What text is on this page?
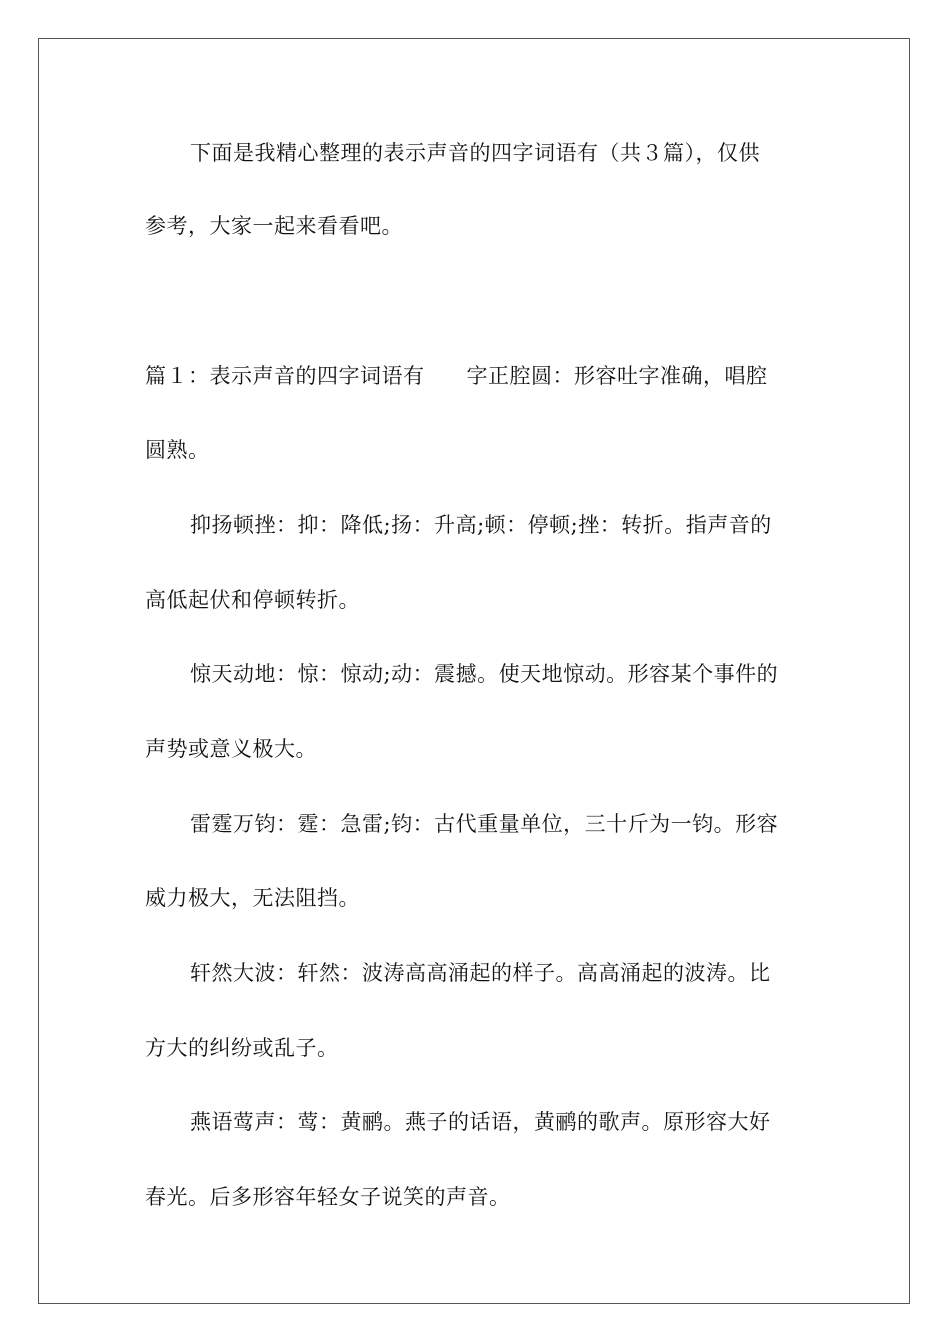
下面是我精心整理的表示声音的四字词语有（共３篇），仅供
参考，大家一起来看看吧。
篇１：表示声音的四字词语有 字正腔圆：形容吐字准确，唱腔
圆熟。
抑扬顿挫：抑：降低;扬：升高;顿：停顿;挫：转折。指声音的
高低起伏和停顿转折。
惊天动地：惊：惊动;动：震撼。使天地惊动。形容某个事件的
声势或意义极大。
雷霆万钧：霆：急雷;钧：古代重量单位，三十斤为一钧。形容
威力极大，无法阻挡。
轩然大波：轩然：波涛高高涌起的样子。高高涌起的波涛。比
方大的纠纷或乱子。
燕语莺声：莺：黄鹂。燕子的话语，黄鹂的歌声。原形容大好
春光。后多形容年轻女子说笑的声音。
